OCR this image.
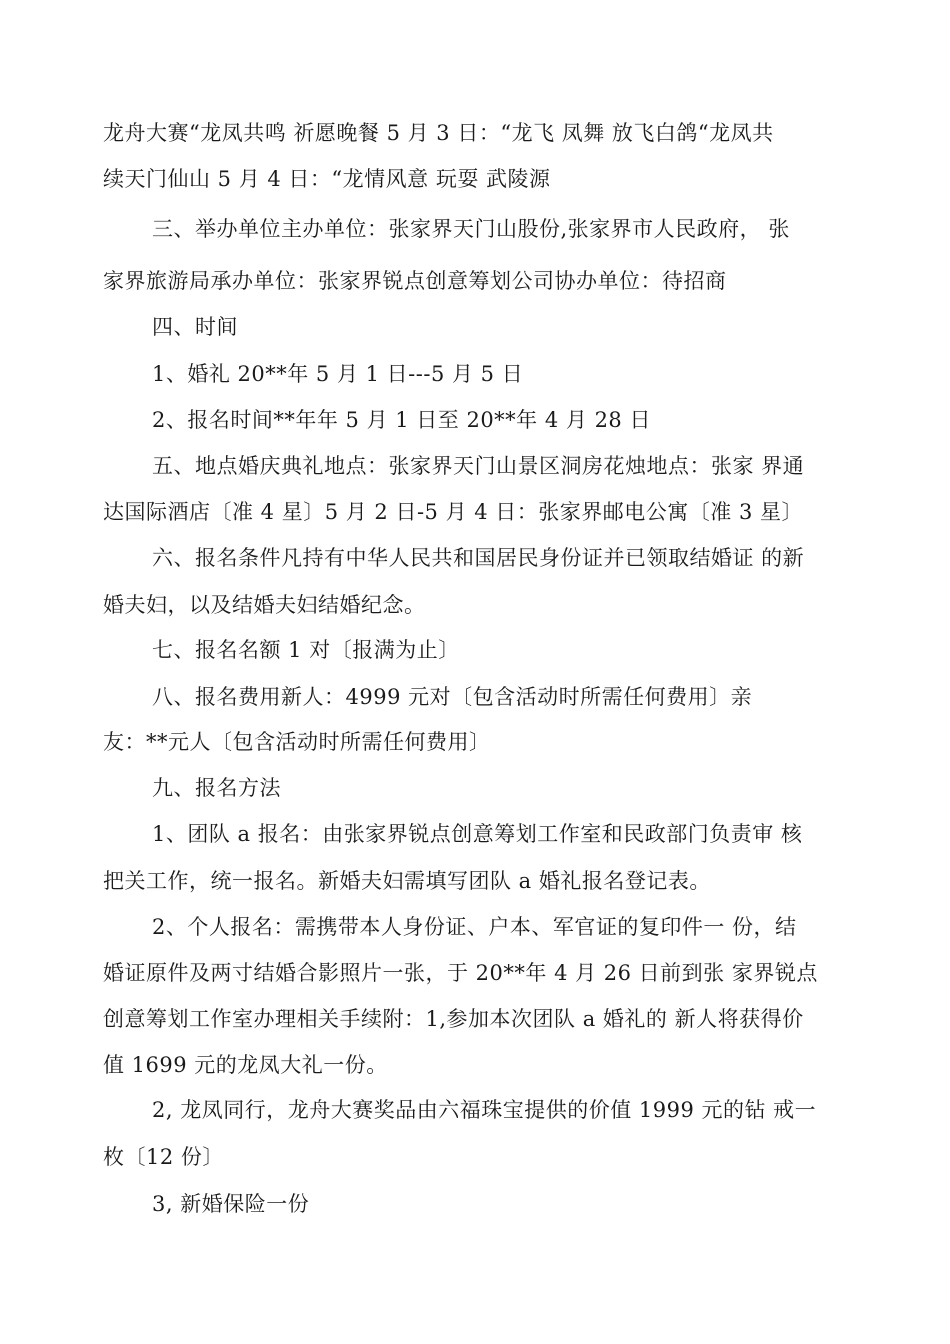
龙舟大赛“龙凤共鸣 祈愿晚餐 5 月 3 日：“龙飞 凤舞 放飞白鸽“龙凤共
续天门仙山 5 月 4 日：“龙情风意 玩耍 武陵源
三、举办单位主办单位：张家界天门山股份,张家界市人民政府， 张
家界旅游局承办单位：张家界锐点创意筹划公司协办单位：待招商
四、时间
1、婚礼 20**年 5 月 1 日---5 月 5 日
2、报名时间**年年 5 月 1 日至 20**年 4 月 28 日
五、地点婚庆典礼地点：张家界天门山景区洞房花烛地点：张家 界通
达国际酒店〔准 4 星〕5 月 2 日-5 月 4 日：张家界邮电公寓〔准 3 星〕
六、报名条件凡持有中华人民共和国居民身份证并已领取结婚证 的新
婚夫妇，以及结婚夫妇结婚纪念。
七、报名名额 1 对〔报满为止〕
八、报名费用新人：4999 元对〔包含活动时所需任何费用〕亲
友：**元人〔包含活动时所需任何费用〕
九、报名方法
1、团队 a 报名：由张家界锐点创意筹划工作室和民政部门负责审 核
把关工作，统一报名。新婚夫妇需填写团队 a 婚礼报名登记表。
2、个人报名：需携带本人身份证、户本、军官证的复印件一 份，结
婚证原件及两寸结婚合影照片一张，于 20**年 4 月 26 日前到张 家界锐点
创意筹划工作室办理相关手续附：1,参加本次团队 a 婚礼的 新人将获得价
值 1699 元的龙凤大礼一份。
2, 龙凤同行，龙舟大赛奖品由六福珠宝提供的价值 1999 元的钻 戒一
枚〔12 份〕
3, 新婚保险一份
